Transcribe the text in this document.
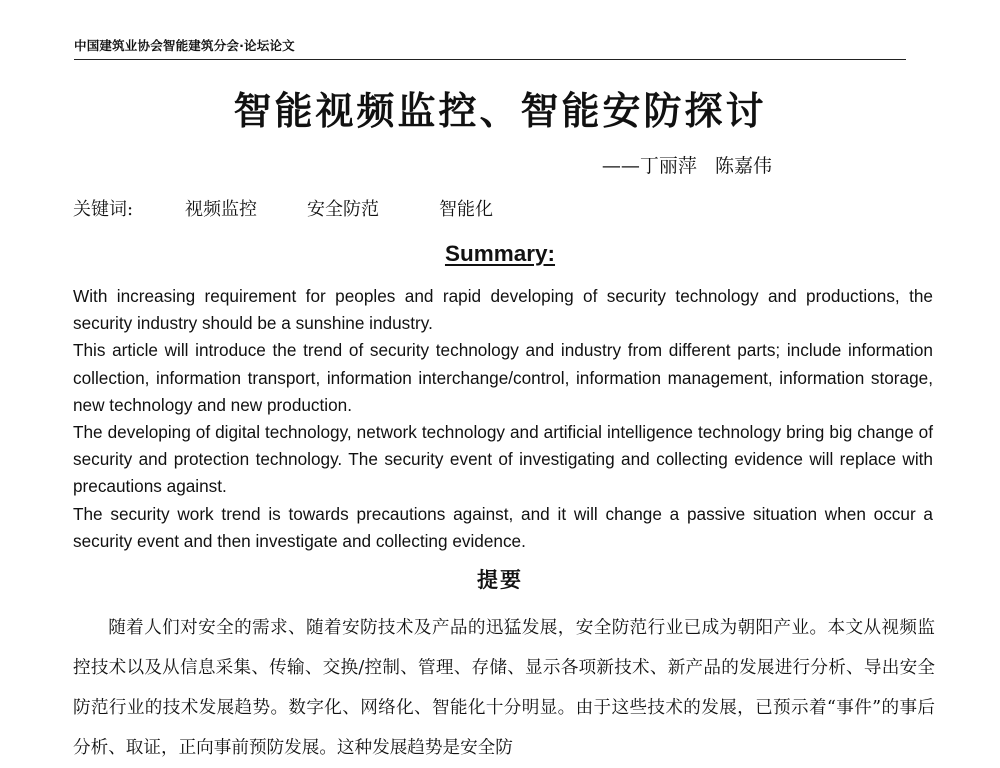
中国建筑业协会智能建筑分会·论坛论文
智能视频监控、智能安防探讨
——丁丽萍   陈嘉伟
关键词:	视频监控	安全防范	智能化
Summary:

With increasing requirement for peoples and rapid developing of security technology and productions, the security industry should be a sunshine industry.

This article will introduce the trend of security technology and industry from different parts; include information collection, information transport, information interchange/control, information management, information storage, new technology and new production.

The developing of digital technology, network technology and artificial intelligence technology bring big change of security and protection technology. The security event of investigating and collecting evidence will replace with precautions against.

The security work trend is towards precautions against, and it will change a passive situation when occur a security event and then investigate and collecting evidence.

提要

随着人们对安全的需求、随着安防技术及产品的迅猛发展，安全防范行业已成为朝阳产业。本文从视频监控技术以及从信息采集、传输、交换/控制、管理、存储、显示各项新技术、新产品的发展进行分析、导出安全防范行业的技术发展趋势。数字化、网络化、智能化十分明显。由于这些技术的发展，已预示着“事件”的事后分析、取证，正向事前预防发展。这种发展趋势是安全防
